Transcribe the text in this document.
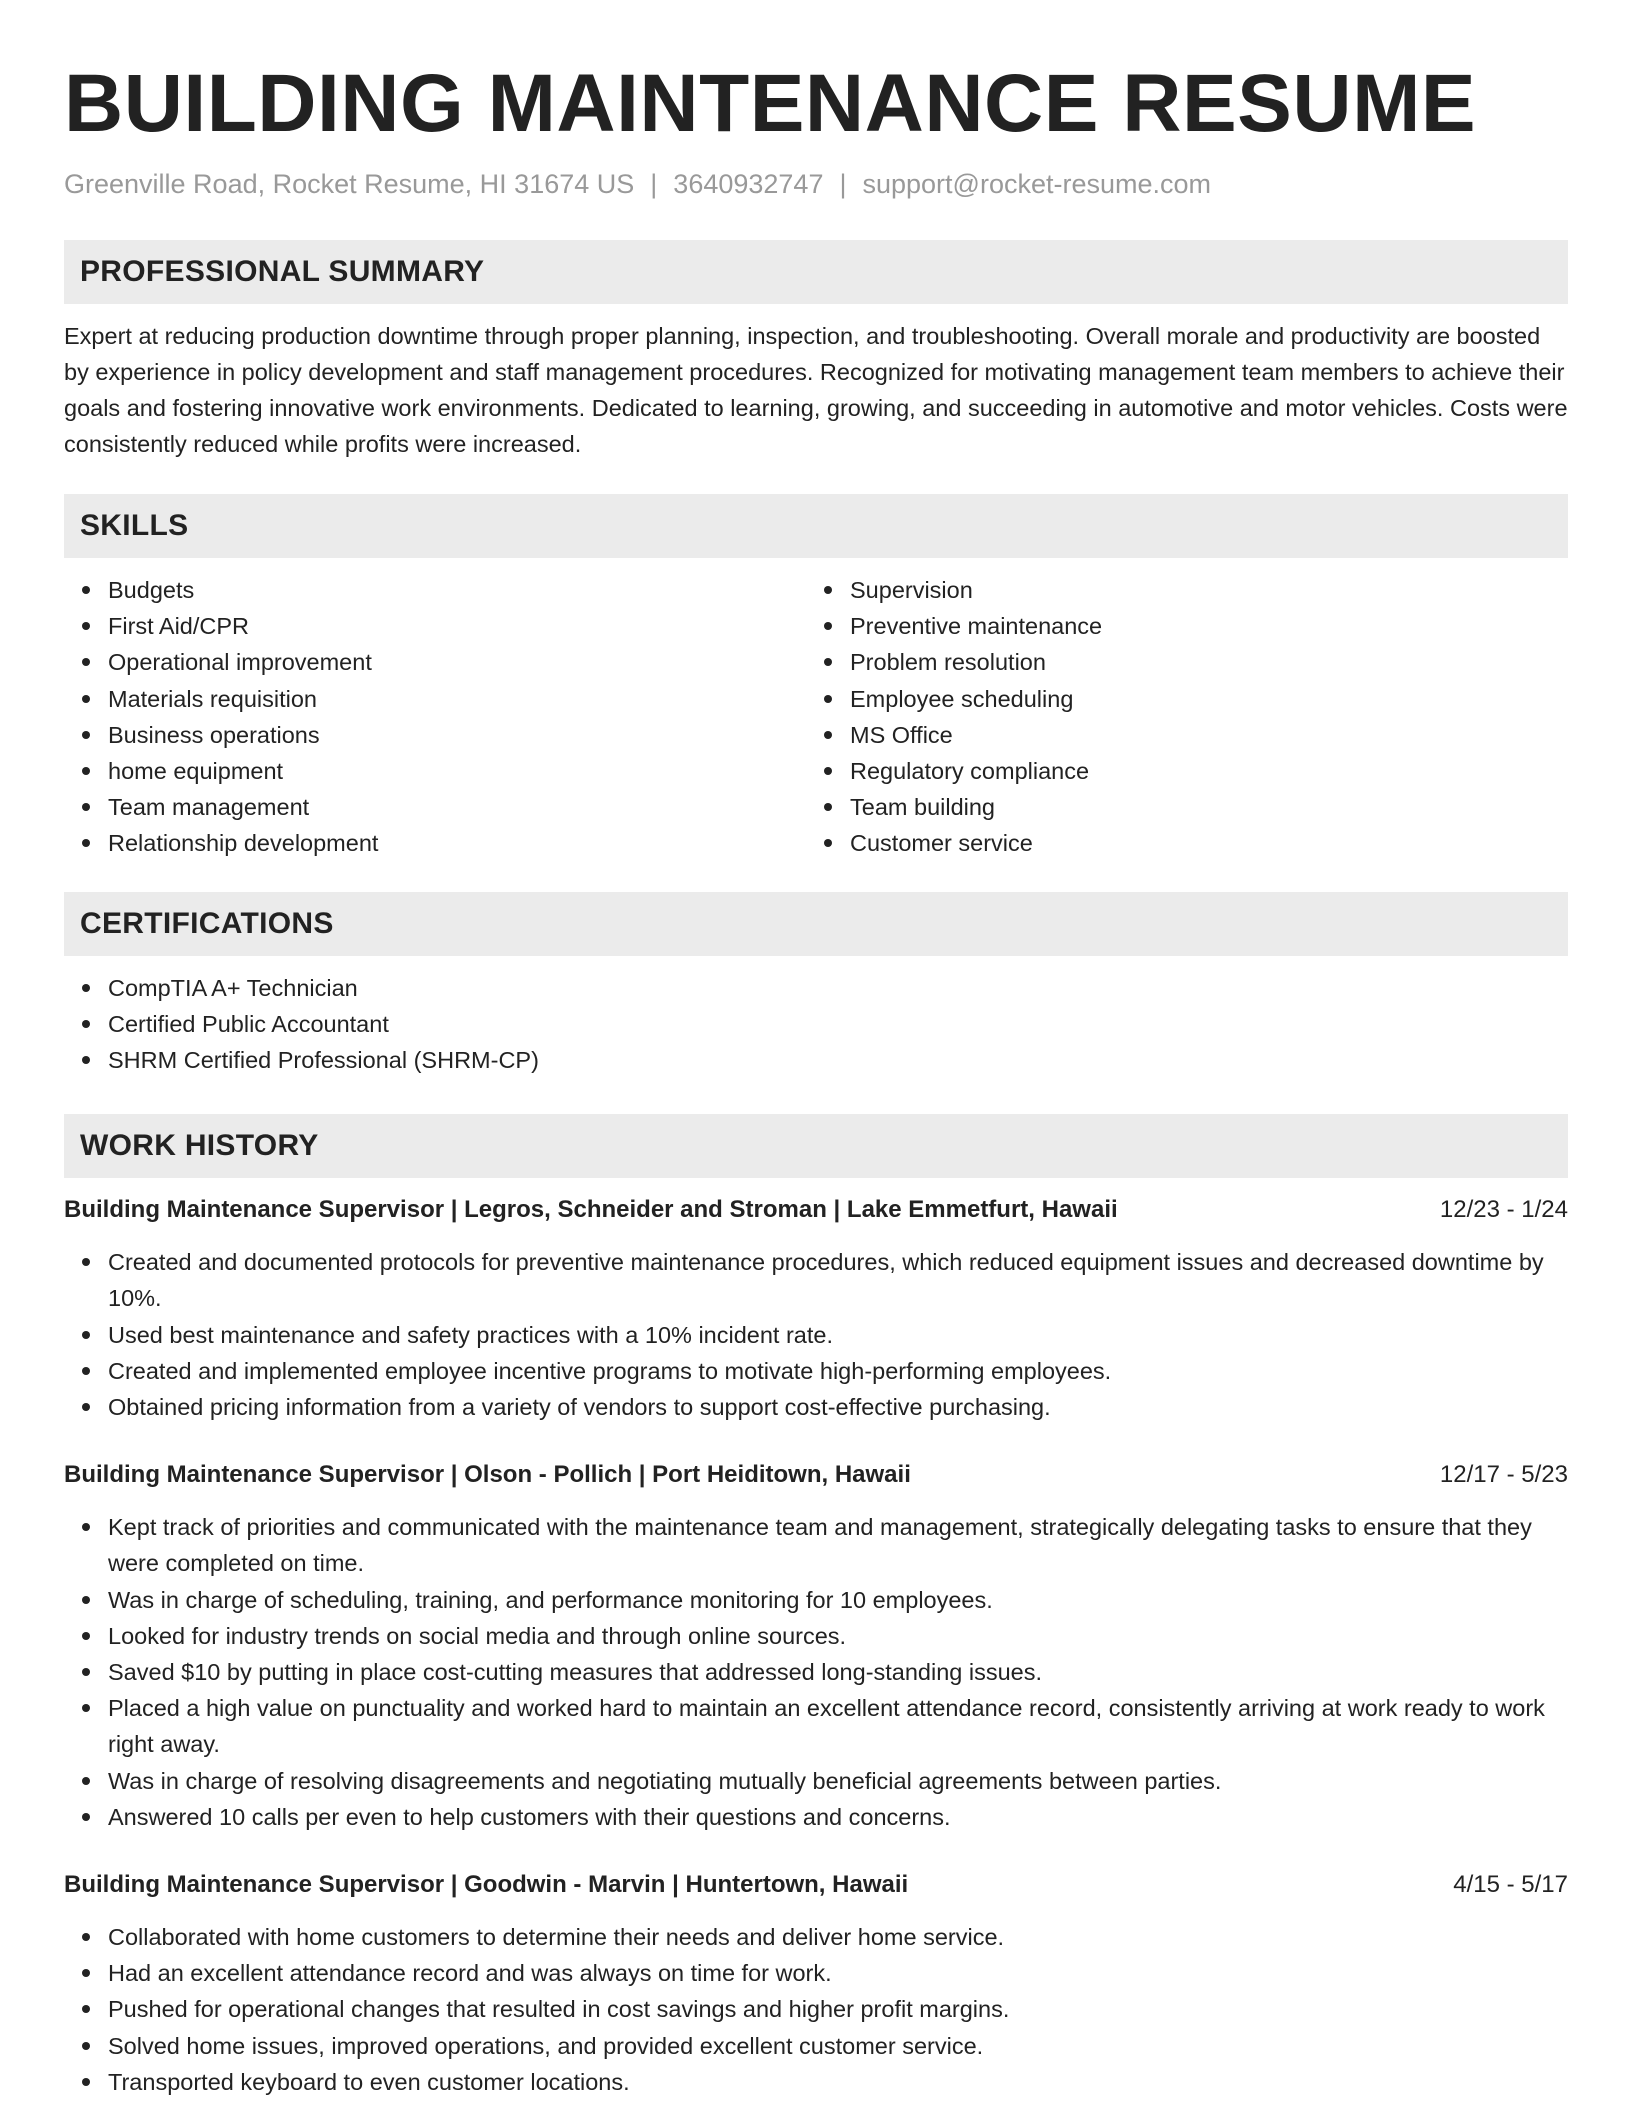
BUILDING MAINTENANCE RESUME
Greenville Road, Rocket Resume, HI 31674 US | 3640932747 | support@rocket-resume.com
PROFESSIONAL SUMMARY

Expert at reducing production downtime through proper planning, inspection, and troubleshooting. Overall morale and productivity are boosted by experience in policy development and staff management procedures. Recognized for motivating management team members to achieve their goals and fostering innovative work environments. Dedicated to learning, growing, and succeeding in automotive and motor vehicles. Costs were consistently reduced while profits were increased.

SKILLS
Budgets
First Aid/CPR
Operational improvement
Materials requisition
Business operations
home equipment
Team management
Relationship development
Supervision
Preventive maintenance
Problem resolution
Employee scheduling
MS Office
Regulatory compliance
Team building
Customer service
CERTIFICATIONS
CompTIA A+ Technician
Certified Public Accountant
SHRM Certified Professional (SHRM-CP)
WORK HISTORY
Building Maintenance Supervisor | Legros, Schneider and Stroman | Lake Emmetfurt, Hawaii	12/23 - 1/24
Created and documented protocols for preventive maintenance procedures, which reduced equipment issues and decreased downtime by 10%.
Used best maintenance and safety practices with a 10% incident rate.
Created and implemented employee incentive programs to motivate high-performing employees.
Obtained pricing information from a variety of vendors to support cost-effective purchasing.
Building Maintenance Supervisor | Olson - Pollich | Port Heiditown, Hawaii	12/17 - 5/23
Kept track of priorities and communicated with the maintenance team and management, strategically delegating tasks to ensure that they were completed on time.
Was in charge of scheduling, training, and performance monitoring for 10 employees.
Looked for industry trends on social media and through online sources.
Saved $10 by putting in place cost-cutting measures that addressed long-standing issues.
Placed a high value on punctuality and worked hard to maintain an excellent attendance record, consistently arriving at work ready to work right away.
Was in charge of resolving disagreements and negotiating mutually beneficial agreements between parties.
Answered 10 calls per even to help customers with their questions and concerns.
Building Maintenance Supervisor | Goodwin - Marvin | Huntertown, Hawaii	4/15 - 5/17
Collaborated with home customers to determine their needs and deliver home service.
Had an excellent attendance record and was always on time for work.
Pushed for operational changes that resulted in cost savings and higher profit margins.
Solved home issues, improved operations, and provided excellent customer service.
Transported keyboard to even customer locations.
